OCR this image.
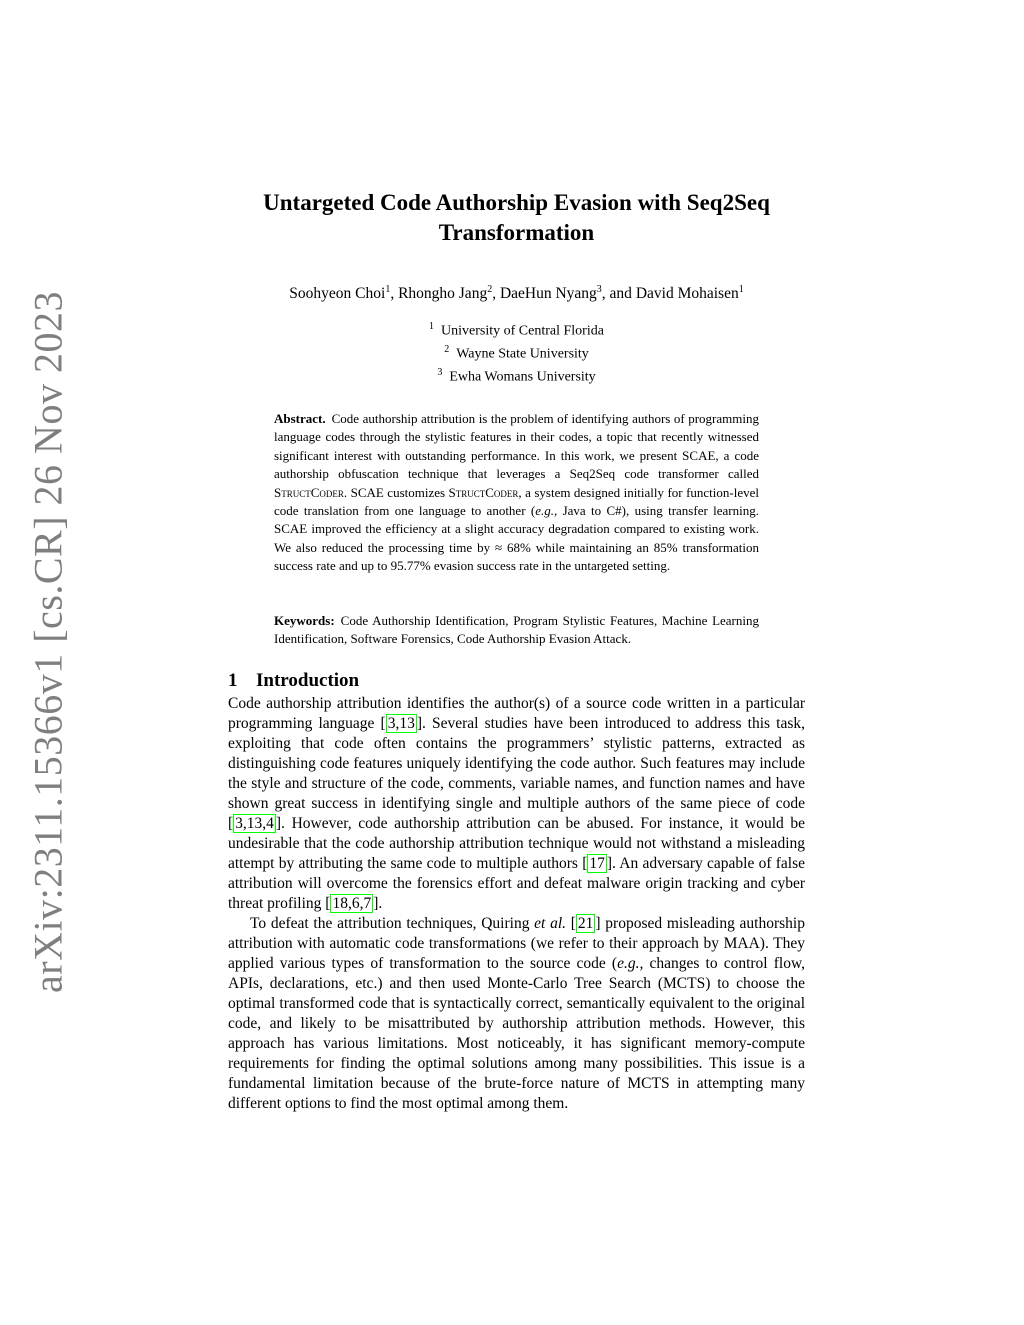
arXiv:2311.15366v1 [cs.CR] 26 Nov 2023
Untargeted Code Authorship Evasion with Seq2Seq
Transformation
Soohyeon Choi$^1$, Rhongho Jang$^2$, DaeHun Nyang$^3$, and David Mohaisen$^1$
$^1$ University of Central Florida
$^2$ Wayne State University
$^3$ Ewha Womans University
Abstract. Code authorship attribution is the problem of identifying authors of programming language codes through the stylistic features in their codes, a topic that recently witnessed significant interest with outstanding performance. In this work, we present SCAE, a code authorship obfuscation technique that leverages a Seq2Seq code transformer called StructCoder. SCAE customizes StructCoder, a system designed initially for function-level code translation from one language to another (e.g., Java to C#), using transfer learning. SCAE improved the efficiency at a slight accuracy degradation compared to existing work. We also reduced the processing time by ≈ 68% while maintaining an 85% transformation success rate and up to 95.77% evasion success rate in the untargeted setting.
Keywords: Code Authorship Identification, Program Stylistic Features, Machine Learning Identification, Software Forensics, Code Authorship Evasion Attack.
1 Introduction

Code authorship attribution identifies the author(s) of a source code written in a particular programming language [ 3,13 ]. Several studies have been introduced to address this task, exploiting that code often contains the programmers’ stylistic patterns, extracted as distinguishing code features uniquely identifying the code author. Such features may include the style and structure of the code, comments, variable names, and function names and have shown great success in identifying single and multiple authors of the same piece of code [ 3,13,4 ]. However, code authorship attribution can be abused. For instance, it would be undesirable that the code authorship attribution technique would not withstand a misleading attempt by attributing the same code to multiple authors [ 17 ]. An adversary capable of false attribution will overcome the forensics effort and defeat malware origin tracking and cyber threat profiling [ 18,6,7 ].

To defeat the attribution techniques, Quiring et al. [ 21 ] proposed misleading authorship attribution with automatic code transformations (we refer to their approach by MAA). They applied various types of transformation to the source code (e.g., changes to control flow, APIs, declarations, etc.) and then used Monte-Carlo Tree Search (MCTS) to choose the optimal transformed code that is syntactically correct, semantically equivalent to the original code, and likely to be misattributed by authorship attribution methods. However, this approach has various limitations. Most noticeably, it has significant memory-compute requirements for finding the optimal solutions among many possibilities. This issue is a fundamental limitation because of the brute-force nature of MCTS in attempting many different options to find the most optimal among them.
